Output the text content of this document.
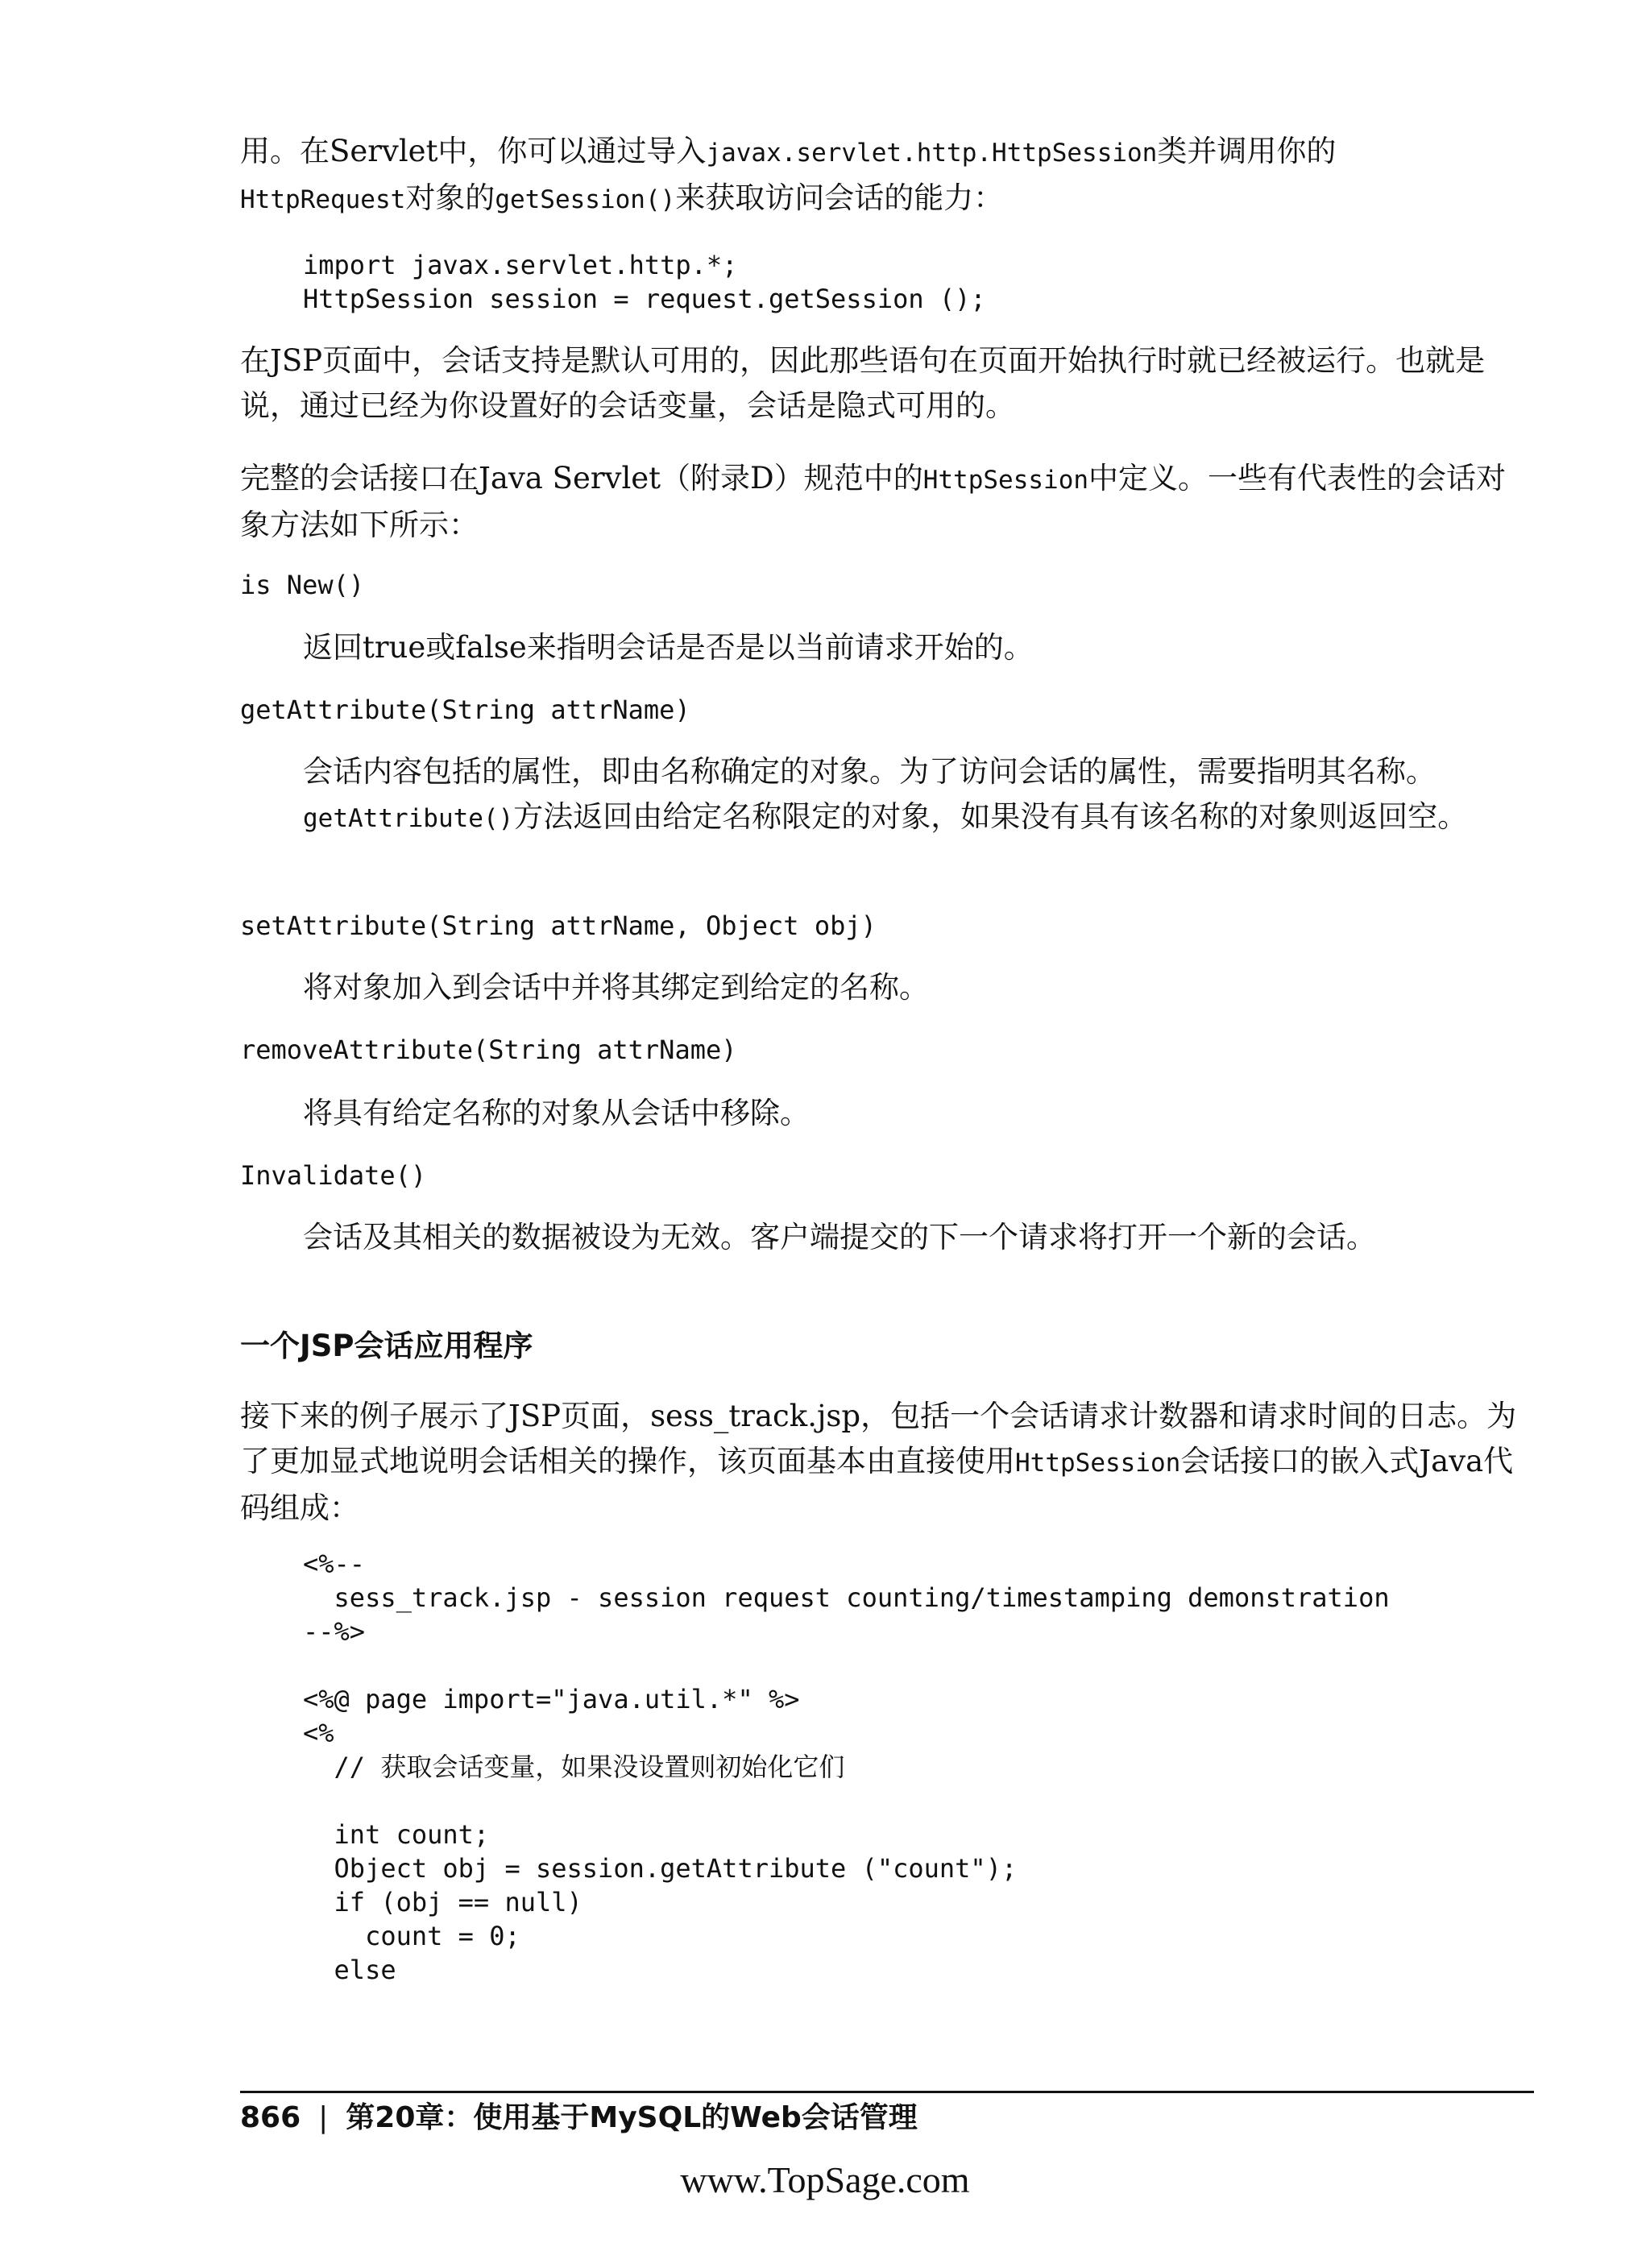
用。在Servlet中，你可以通过导入javax.servlet.http.HttpSession类并调用你的
HttpRequest对象的getSession()来获取访问会话的能力：

import javax.servlet.http.*;
HttpSession session = request.getSession ();

在JSP页面中，会话支持是默认可用的，因此那些语句在页面开始执行时就已经被运行。也就是说，通过已经为你设置好的会话变量，会话是隐式可用的。

完整的会话接口在Java Servlet（附录D）规范中的HttpSession中定义。一些有代表性的会话对象方法如下所示：

is New()

返回true或false来指明会话是否是以当前请求开始的。

getAttribute(String attrName)

会话内容包括的属性，即由名称确定的对象。为了访问会话的属性，需要指明其名称。getAttribute()方法返回由给定名称限定的对象，如果没有具有该名称的对象则返回空。

setAttribute(String attrName, Object obj)

将对象加入到会话中并将其绑定到给定的名称。

removeAttribute(String attrName)

将具有给定名称的对象从会话中移除。

Invalidate()

会话及其相关的数据被设为无效。客户端提交的下一个请求将打开一个新的会话。

一个JSP会话应用程序

接下来的例子展示了JSP页面，sess_track.jsp，包括一个会话请求计数器和请求时间的日志。为了更加显式地说明会话相关的操作，该页面基本由直接使用HttpSession会话接口的嵌入式Java代码组成：

<%--
sess_track.jsp - session request counting/timestamping demonstration
--%>

<%@ page import="java.util.*" %>
<%
// 获取会话变量，如果没设置则初始化它们

int count;
Object obj = session.getAttribute ("count");
if (obj == null)
count = 0;
else

866 | 第20章：使用基于MySQL的Web会话管理

www.TopSage.com
